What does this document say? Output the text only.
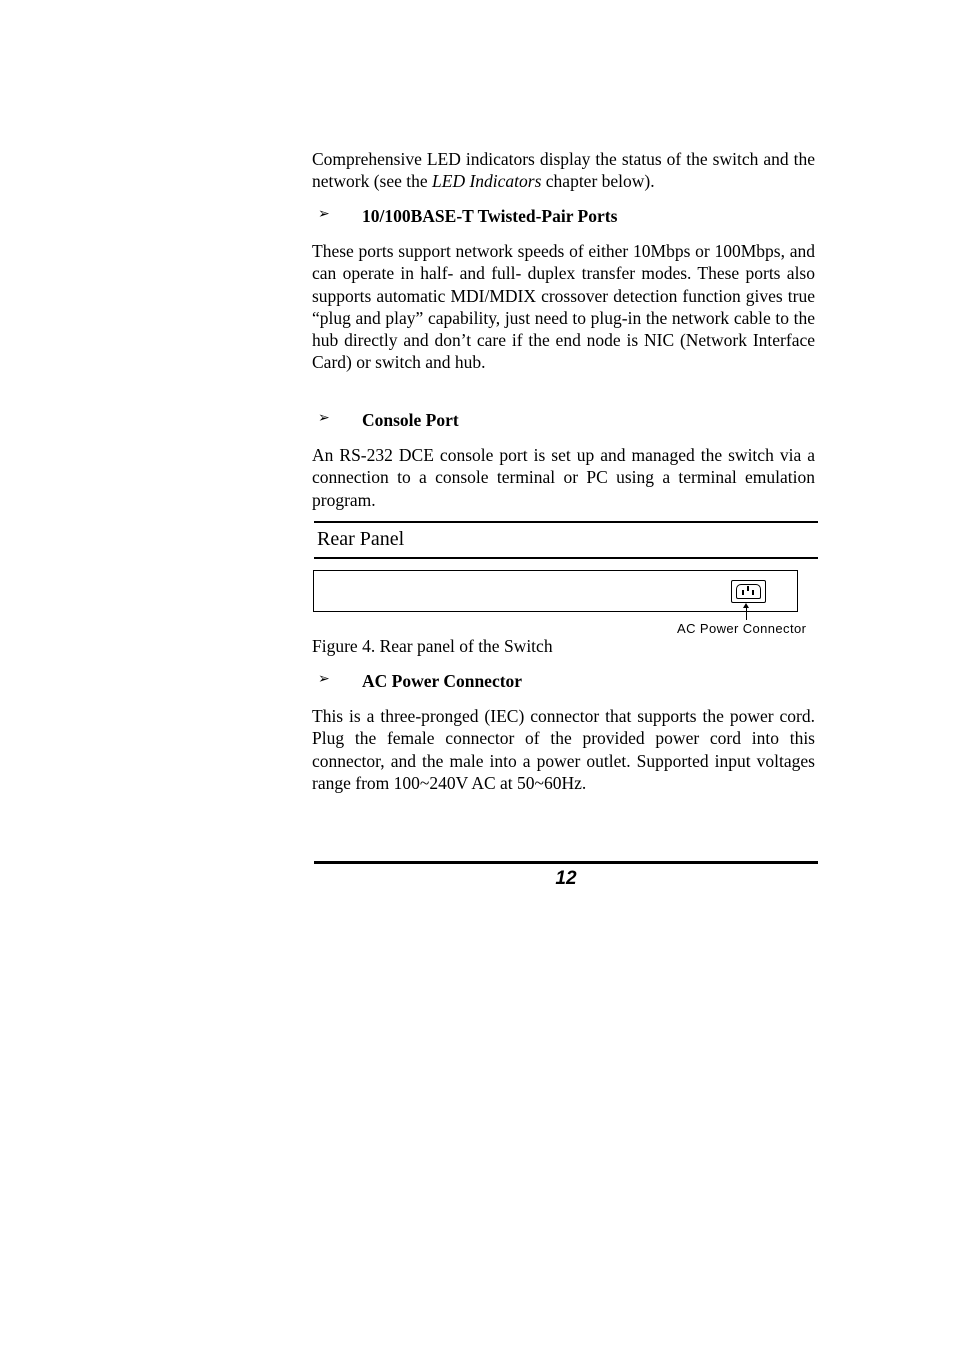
Comprehensive LED indicators display the status of the switch and the network (see the LED Indicators chapter below).

➢ 10/100BASE-T Twisted-Pair Ports

These ports support network speeds of either 10Mbps or 100Mbps, and can operate in half- and full- duplex transfer modes. These ports also supports automatic MDI/MDIX crossover detection function gives true “plug and play” capability, just need to plug-in the network cable to the hub directly and don’t care if the end node is NIC (Network Interface Card) or switch and hub.

➢ Console Port

An RS-232 DCE console port is set up and managed the switch via a connection to a console terminal or PC using a terminal emulation program.

Rear Panel
AC Power Connector
Figure 4. Rear panel of the Switch
➢ AC Power Connector

This is a three-pronged (IEC) connector that supports the power cord. Plug the female connector of the provided power cord into this connector, and the male into a power outlet. Supported input voltages range from 100~240V AC at 50~60Hz.

12
